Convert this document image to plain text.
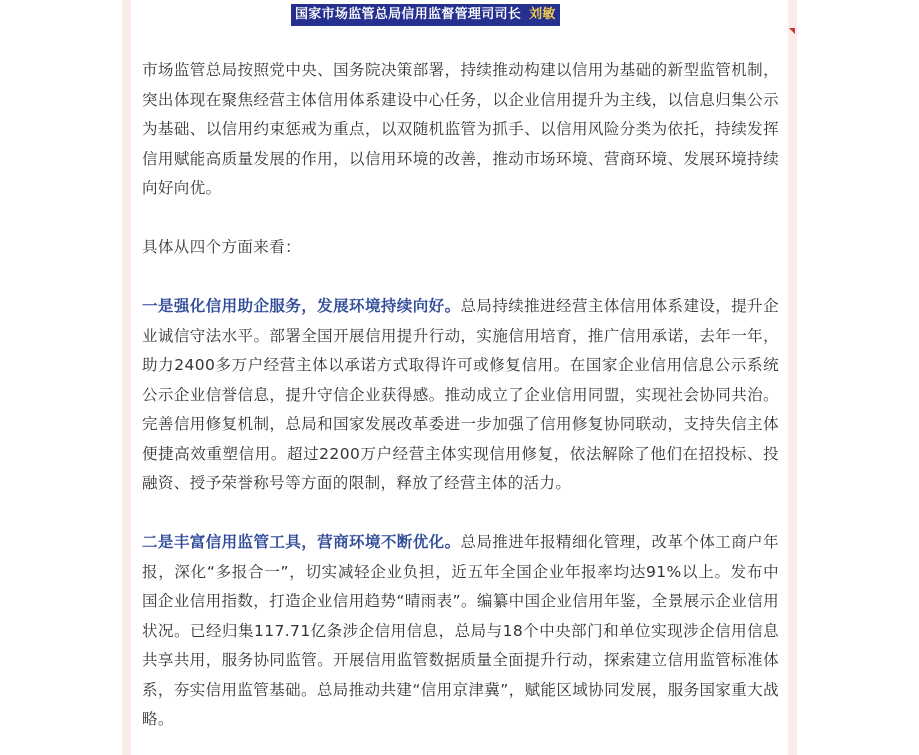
国家市场监管总局信用监督管理司司长 刘敏

市场监管总局按照党中央、国务院决策部署，持续推动构建以信用为基础的新型监管机制，突出体现在聚焦经营主体信用体系建设中心任务，以企业信用提升为主线，以信息归集公示为基础、以信用约束惩戒为重点，以双随机监管为抓手、以信用风险分类为依托，持续发挥信用赋能高质量发展的作用，以信用环境的改善，推动市场环境、营商环境、发展环境持续向好向优。

具体从四个方面来看：

一是强化信用助企服务，发展环境持续向好。总局持续推进经营主体信用体系建设，提升企业诚信守法水平。部署全国开展信用提升行动，实施信用培育，推广信用承诺，去年一年，助力2400多万户经营主体以承诺方式取得许可或修复信用。在国家企业信用信息公示系统公示企业信誉信息，提升守信企业获得感。推动成立了企业信用同盟，实现社会协同共治。完善信用修复机制，总局和国家发展改革委进一步加强了信用修复协同联动，支持失信主体便捷高效重塑信用。超过2200万户经营主体实现信用修复，依法解除了他们在招投标、投融资、授予荣誉称号等方面的限制，释放了经营主体的活力。

二是丰富信用监管工具，营商环境不断优化。总局推进年报精细化管理，改革个体工商户年报，深化“多报合一”，切实减轻企业负担，近五年全国企业年报率均达91%以上。发布中国企业信用指数，打造企业信用趋势“晴雨表”。编纂中国企业信用年鉴，全景展示企业信用状况。已经归集117.71亿条涉企信用信息，总局与18个中央部门和单位实现涉企信用信息共享共用，服务协同监管。开展信用监管数据质量全面提升行动，探索建立信用监管标准体系，夯实信用监管基础。总局推动共建“信用京津冀”，赋能区域协同发展，服务国家重大战略。
